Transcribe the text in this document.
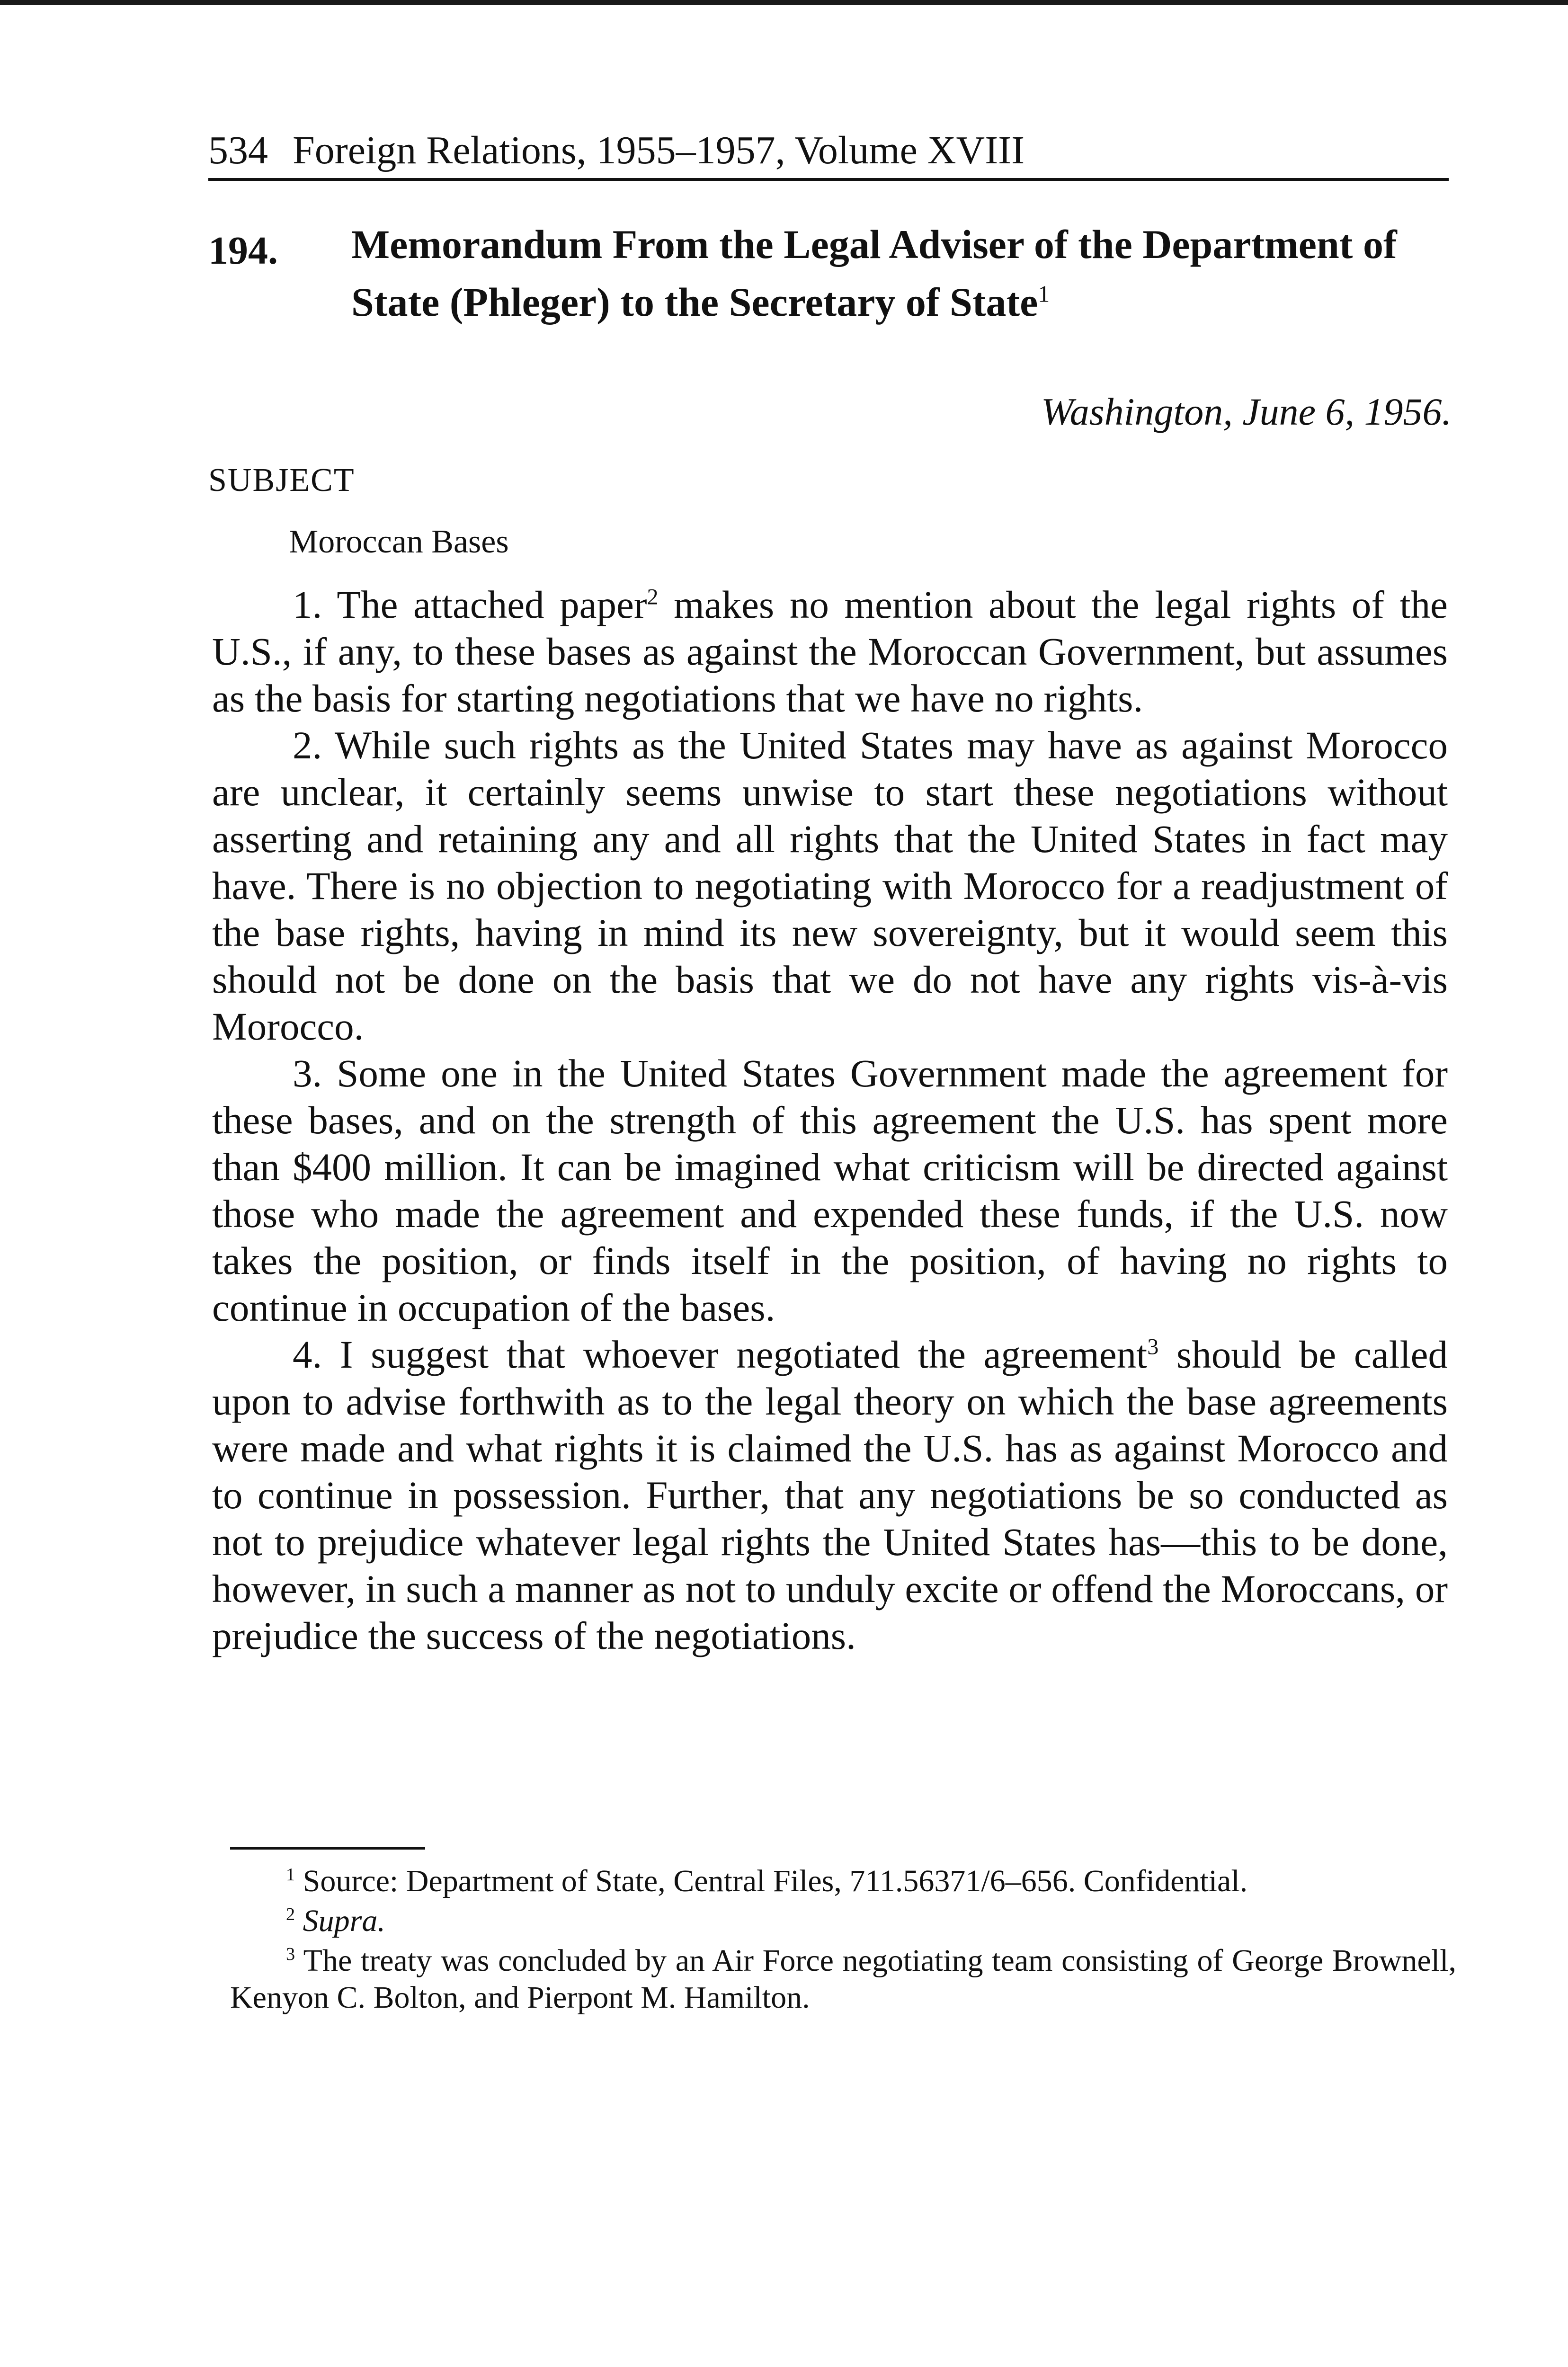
534 Foreign Relations, 1955–1957, Volume XVIII
194. Memorandum From the Legal Adviser of the Department of State (Phleger) to the Secretary of State$^1$
Washington, June 6, 1956.
SUBJECT
Moroccan Bases

1. The attached paper$^2$ makes no mention about the legal rights of the U.S., if any, to these bases as against the Moroccan Government, but assumes as the basis for starting negotiations that we have no rights.

2. While such rights as the United States may have as against Morocco are unclear, it certainly seems unwise to start these negotiations without asserting and retaining any and all rights that the United States in fact may have. There is no objection to negotiating with Morocco for a readjustment of the base rights, having in mind its new sovereignty, but it would seem this should not be done on the basis that we do not have any rights vis-à-vis Morocco.

3. Some one in the United States Government made the agreement for these bases, and on the strength of this agreement the U.S. has spent more than $400 million. It can be imagined what criticism will be directed against those who made the agreement and expended these funds, if the U.S. now takes the position, or finds itself in the position, of having no rights to continue in occupation of the bases.

4. I suggest that whoever negotiated the agreement$^3$ should be called upon to advise forthwith as to the legal theory on which the base agreements were made and what rights it is claimed the U.S. has as against Morocco and to continue in possession. Further, that any negotiations be so conducted as not to prejudice whatever legal rights the United States has—this to be done, however, in such a manner as not to unduly excite or offend the Moroccans, or prejudice the success of the negotiations.

$^1$ Source: Department of State, Central Files, 711.56371/6–656. Confidential.

$^2$ Supra.

$^3$ The treaty was concluded by an Air Force negotiating team consisting of George Brownell, Kenyon C. Bolton, and Pierpont M. Hamilton.
